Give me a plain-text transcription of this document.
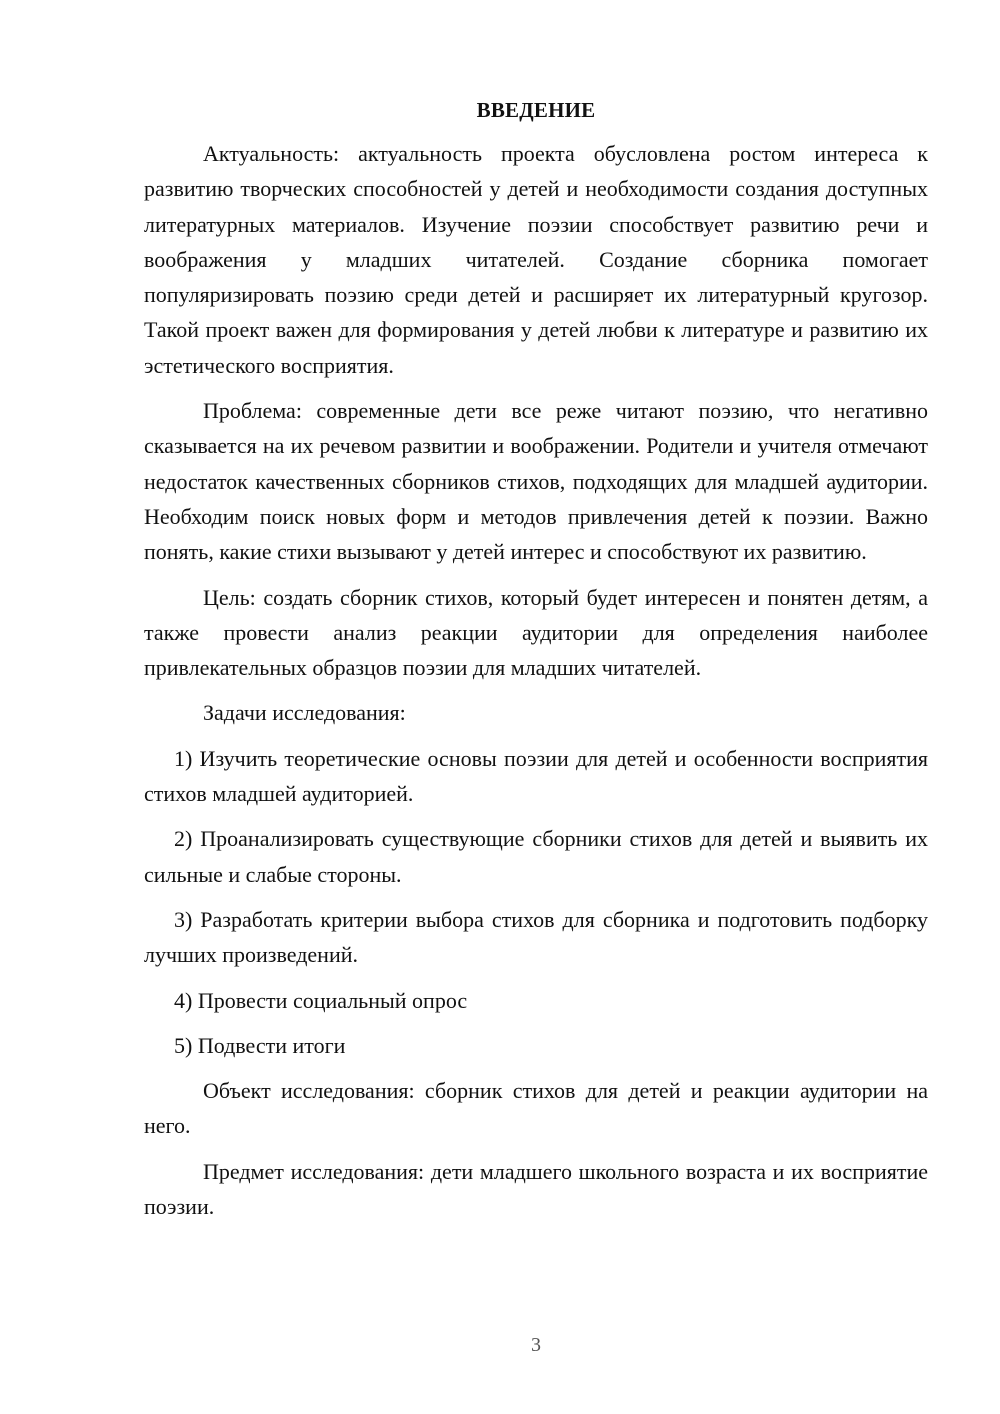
ВВЕДЕНИЕ

Актуальность: актуальность проекта обусловлена ростом интереса к развитию творческих способностей у детей и необходимости создания доступных литературных материалов. Изучение поэзии способствует развитию речи и воображения у младших читателей. Создание сборника помогает популяризировать поэзию среди детей и расширяет их литературный кругозор. Такой проект важен для формирования у детей любви к литературе и развитию их эстетического восприятия.

Проблема: современные дети все реже читают поэзию, что негативно сказывается на их речевом развитии и воображении. Родители и учителя отмечают недостаток качественных сборников стихов, подходящих для младшей аудитории. Необходим поиск новых форм и методов привлечения детей к поэзии. Важно понять, какие стихи вызывают у детей интерес и способствуют их развитию.

Цель: создать сборник стихов, который будет интересен и понятен детям, а также провести анализ реакции аудитории для определения наиболее привлекательных образцов поэзии для младших читателей.

Задачи исследования:

1) Изучить теоретические основы поэзии для детей и особенности восприятия стихов младшей аудиторией.

2) Проанализировать существующие сборники стихов для детей и выявить их сильные и слабые стороны.

3) Разработать критерии выбора стихов для сборника и подготовить подборку лучших произведений.

4) Провести социальный опрос

5) Подвести итоги

Объект исследования: сборник стихов для детей и реакции аудитории на него.

Предмет исследования: дети младшего школьного возраста и их восприятие поэзии.

3
